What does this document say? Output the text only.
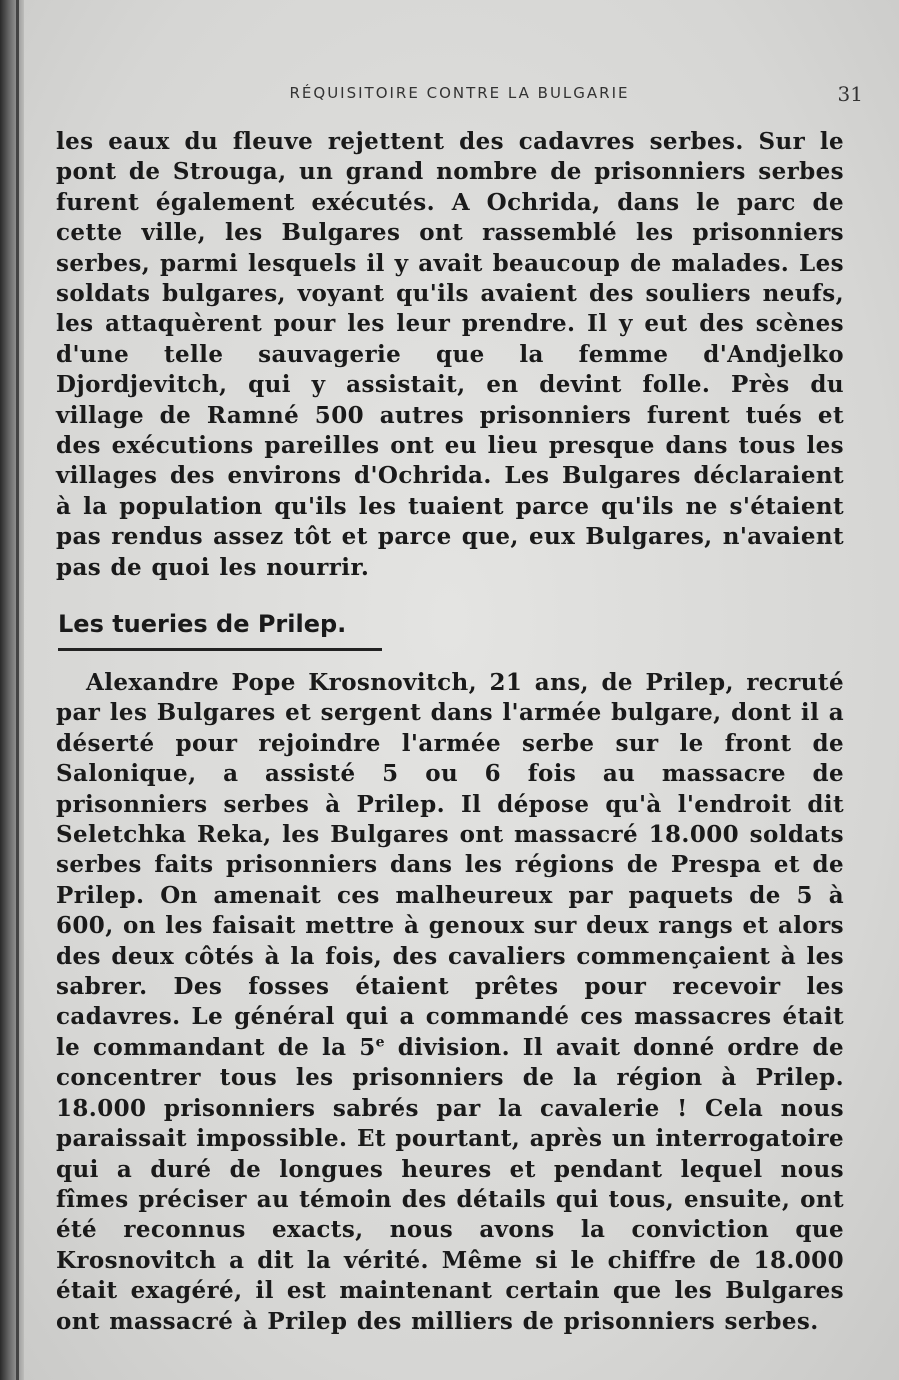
RÉQUISITOIRE CONTRE LA BULGARIE	31

les eaux du fleuve rejettent des cadavres serbes. Sur le pont de Strouga, un grand nombre de prisonniers serbes furent également exécutés. A Ochrida, dans le parc de cette ville, les Bulgares ont rassemblé les prisonniers serbes, parmi lesquels il y avait beaucoup de malades. Les soldats bulgares, voyant qu'ils avaient des souliers neufs, les attaquèrent pour les leur prendre. Il y eut des scènes d'une telle sauvagerie que la femme d'Andjelko Djordjevitch, qui y assistait, en devint folle. Près du village de Ramné 500 autres prisonniers furent tués et des exécutions pareilles ont eu lieu presque dans tous les villages des environs d'Ochrida. Les Bulgares déclaraient à la population qu'ils les tuaient parce qu'ils ne s'étaient pas rendus assez tôt et parce que, eux Bulgares, n'avaient pas de quoi les nourrir.

Les tueries de Prilep.

Alexandre Pope Krosnovitch, 21 ans, de Prilep, recruté par les Bulgares et sergent dans l'armée bulgare, dont il a déserté pour rejoindre l'armée serbe sur le front de Salonique, a assisté 5 ou 6 fois au massacre de prisonniers serbes à Prilep. Il dépose qu'à l'endroit dit Seletchka Reka, les Bulgares ont massacré 18.000 soldats serbes faits prisonniers dans les régions de Prespa et de Prilep. On amenait ces malheureux par paquets de 5 à 600, on les faisait mettre à genoux sur deux rangs et alors des deux côtés à la fois, des cavaliers commençaient à les sabrer. Des fosses étaient prêtes pour recevoir les cadavres. Le général qui a commandé ces massacres était le commandant de la 5e division. Il avait donné ordre de concentrer tous les prisonniers de la région à Prilep. 18.000 prisonniers sabrés par la cavalerie ! Cela nous paraissait impossible. Et pourtant, après un interrogatoire qui a duré de longues heures et pendant lequel nous fîmes préciser au témoin des détails qui tous, ensuite, ont été reconnus exacts, nous avons la conviction que Krosnovitch a dit la vérité. Même si le chiffre de 18.000 était exagéré, il est maintenant certain que les Bulgares ont massacré à Prilep des milliers de prisonniers serbes.
